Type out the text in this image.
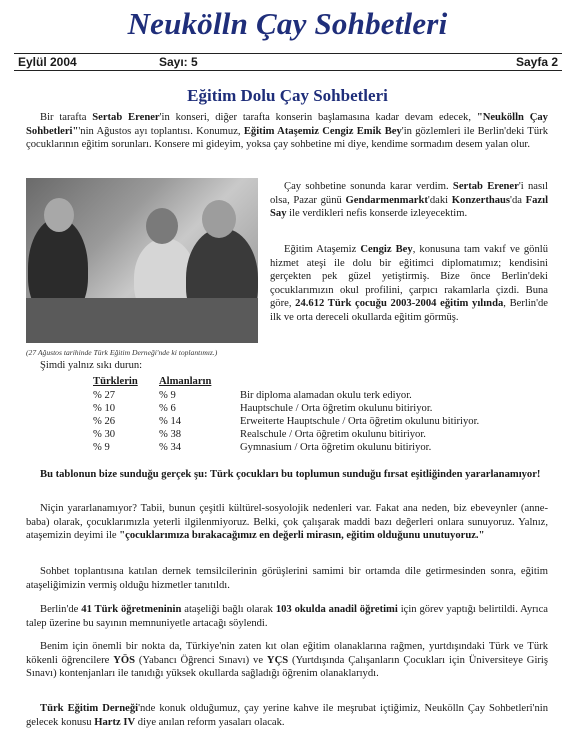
Neukölln Çay Sohbetleri
Eylül 2004	Sayı: 5	Sayfa 2
Eğitim Dolu Çay Sohbetleri
Bir tarafta Sertab Erener'in konseri, diğer tarafta konserin başlamasına kadar devam edecek, "Neukölln Çay Sohbetleri"'nin Ağustos ayı toplantısı. Konumuz, Eğitim Ataşemiz Cengiz Emik Bey'in gözlemleri ile Berlin'deki Türk çocuklarının eğitim sorunları. Konsere mi gideyim, yoksa çay sohbetine mi diye, kendime sormadım desem yalan olur.
Çay sohbetine sonunda karar verdim. Sertab Erener'i nasıl olsa, Pazar günü Gendarmenmarkt'daki Konzerthaus'da Fazıl Say ile verdikleri nefis konserde izleyecektim.
Eğitim Ataşemiz Cengiz Bey, konusuna tam vakıf ve gönlü hizmet ateşi ile dolu bir eğitimci diplomatımız; kendisini gerçekten pek güzel yetiştirmiş. Bize önce Berlin'deki çocuklarımızın okul profilini, çarpıcı rakamlarla çizdi. Buna göre, 24.612 Türk çocuğu 2003-2004 eğitim yılında, Berlin'de ilk ve orta dereceli okullarda eğitim görmüş.
(27 Ağustos tarihinde Türk Eğitim Derneği'nde ki toplantımız.)
Şimdi yalnız sıkı durun:
Türklerin Almanların
% 27	% 9	Bir diploma alamadan okulu terk ediyor.
% 10	% 6	Hauptschule / Orta öğretim okulunu bitiriyor.
% 26	% 14	Erweiterte Hauptschule / Orta öğretim okulunu bitiriyor.
% 30	% 38	Realschule / Orta öğretim okulunu bitiriyor.
% 9	% 34	Gymnasium / Orta öğretim okulunu bitiriyor.
Bu tablonun bize sunduğu gerçek şu: Türk çocukları bu toplumun sunduğu fırsat eşitliğinden yararlanamıyor!
Niçin yararlanamıyor? Tabii, bunun çeşitli kültürel-sosyolojik nedenleri var. Fakat ana neden, biz ebeveynler (anne-baba) olarak, çocuklarımızla yeterli ilgilenmiyoruz. Belki, çok çalışarak maddi bazı değerleri onlara sunuyoruz. Yalnız, ataşemizin deyimi ile "çocuklarımıza bırakacağımız en değerli mirasın, eğitim olduğunu unutuyoruz."
Sohbet toplantısına katılan dernek temsilcilerinin görüşlerini samimi bir ortamda dile getirmesinden sonra, eğitim ataşeliğimizin vermiş olduğu hizmetler tanıtıldı.
Berlin'de 41 Türk öğretmeninin ataşeliği bağlı olarak 103 okulda anadil öğretimi için görev yaptığı belirtildi. Ayrıca talep üzerine bu sayının memnuniyetle artacağı söylendi.
Benim için önemli bir nokta da, Türkiye'nin zaten kıt olan eğitim olanaklarına rağmen, yurtdışındaki Türk ve Türk kökenli öğrencilere YÖS (Yabancı Öğrenci Sınavı) ve YÇS (Yurtdışında Çalışanların Çocukları için Üniversiteye Giriş Sınavı) kontenjanları ile tanıdığı yüksek okullarda sağladığı öğrenim olanaklarıydı.
Türk Eğitim Derneği'nde konuk olduğumuz, çay yerine kahve ile meşrubat içtiğimiz, Neukölln Çay Sohbetleri'nin gelecek konusu Hartz IV diye anılan reform yasaları olacak.
